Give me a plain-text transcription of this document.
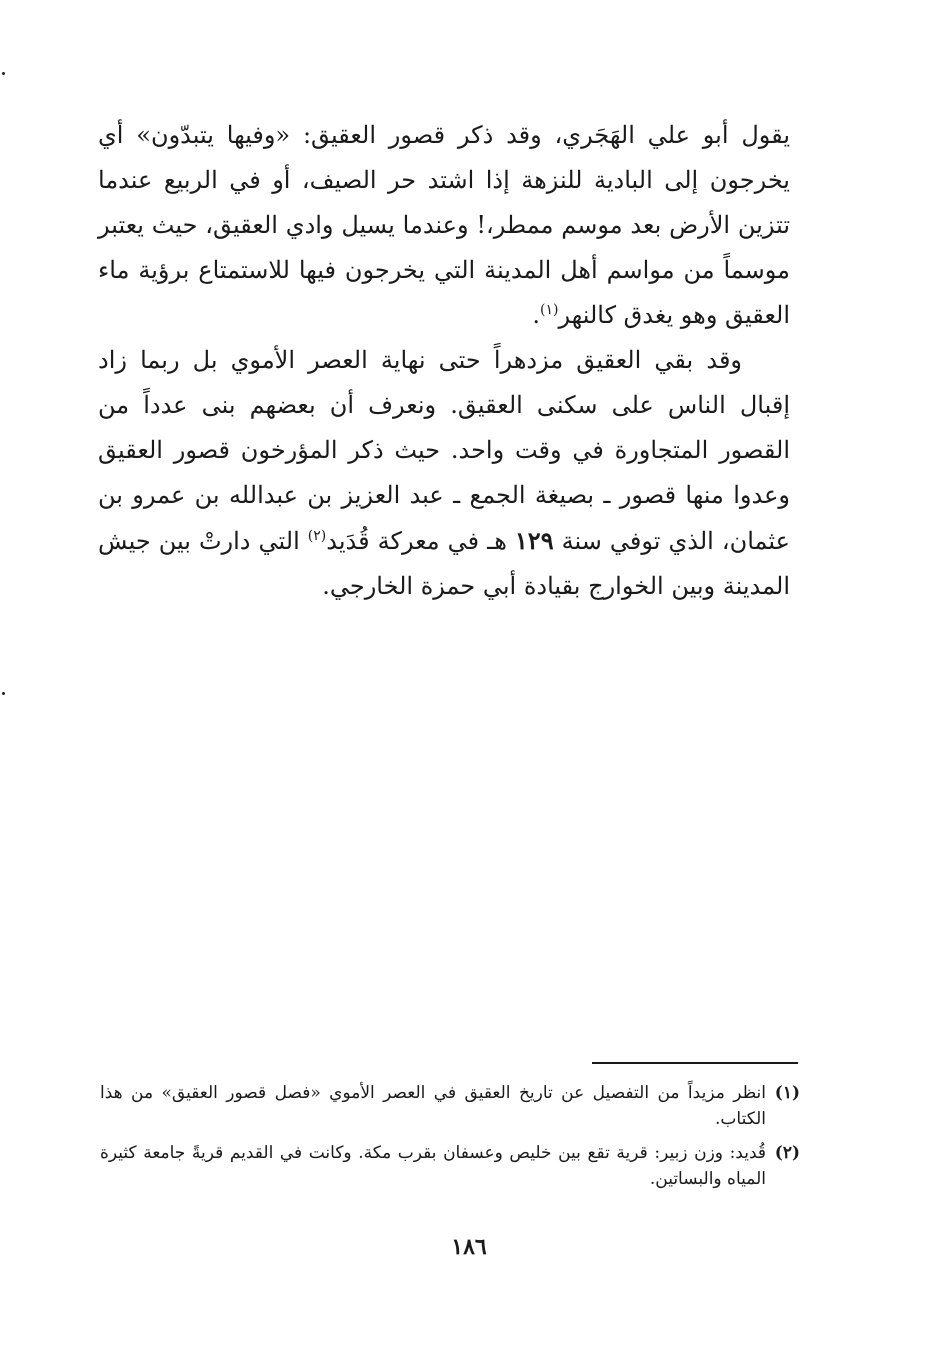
يقول أبو علي الهَجَري، وقد ذكر قصور العقيق: «وفيها يتبدّون» أي يخرجون إلى البادية للنزهة إذا اشتد حر الصيف، أو في الربيع عندما تتزين الأرض بعد موسم ممطر،! وعندما يسيل وادي العقيق، حيث يعتبر موسماً من مواسم أهل المدينة التي يخرجون فيها للاستمتاع برؤية ماء العقيق وهو يغدق كالنهر$^{(١)}$.

وقد بقي العقيق مزدهراً حتى نهاية العصر الأموي بل ربما زاد إقبال الناس على سكنى العقيق. ونعرف أن بعضهم بنى عدداً من القصور المتجاورة في وقت واحد. حيث ذكر المؤرخون قصور العقيق وعدوا منها قصور ـ بصيغة الجمع ـ عبد العزيز بن عبدالله بن عمرو بن عثمان، الذي توفي سنة ١٢٩ هـ في معركة قُدَيد$^{(٢)}$ التي دارتْ بين جيش المدينة وبين الخوارج بقيادة أبي حمزة الخارجي.

(١)انظر مزيداً من التفصيل عن تاريخ العقيق في العصر الأموي «فصل قصور العقيق» من هذا الكتاب.

(٢)قُديد: وزن زبير: قرية تقع بين خليص وعسفان بقرب مكة. وكانت في القديم قريةً جامعة كثيرة المياه والبساتين.

١٨٦
